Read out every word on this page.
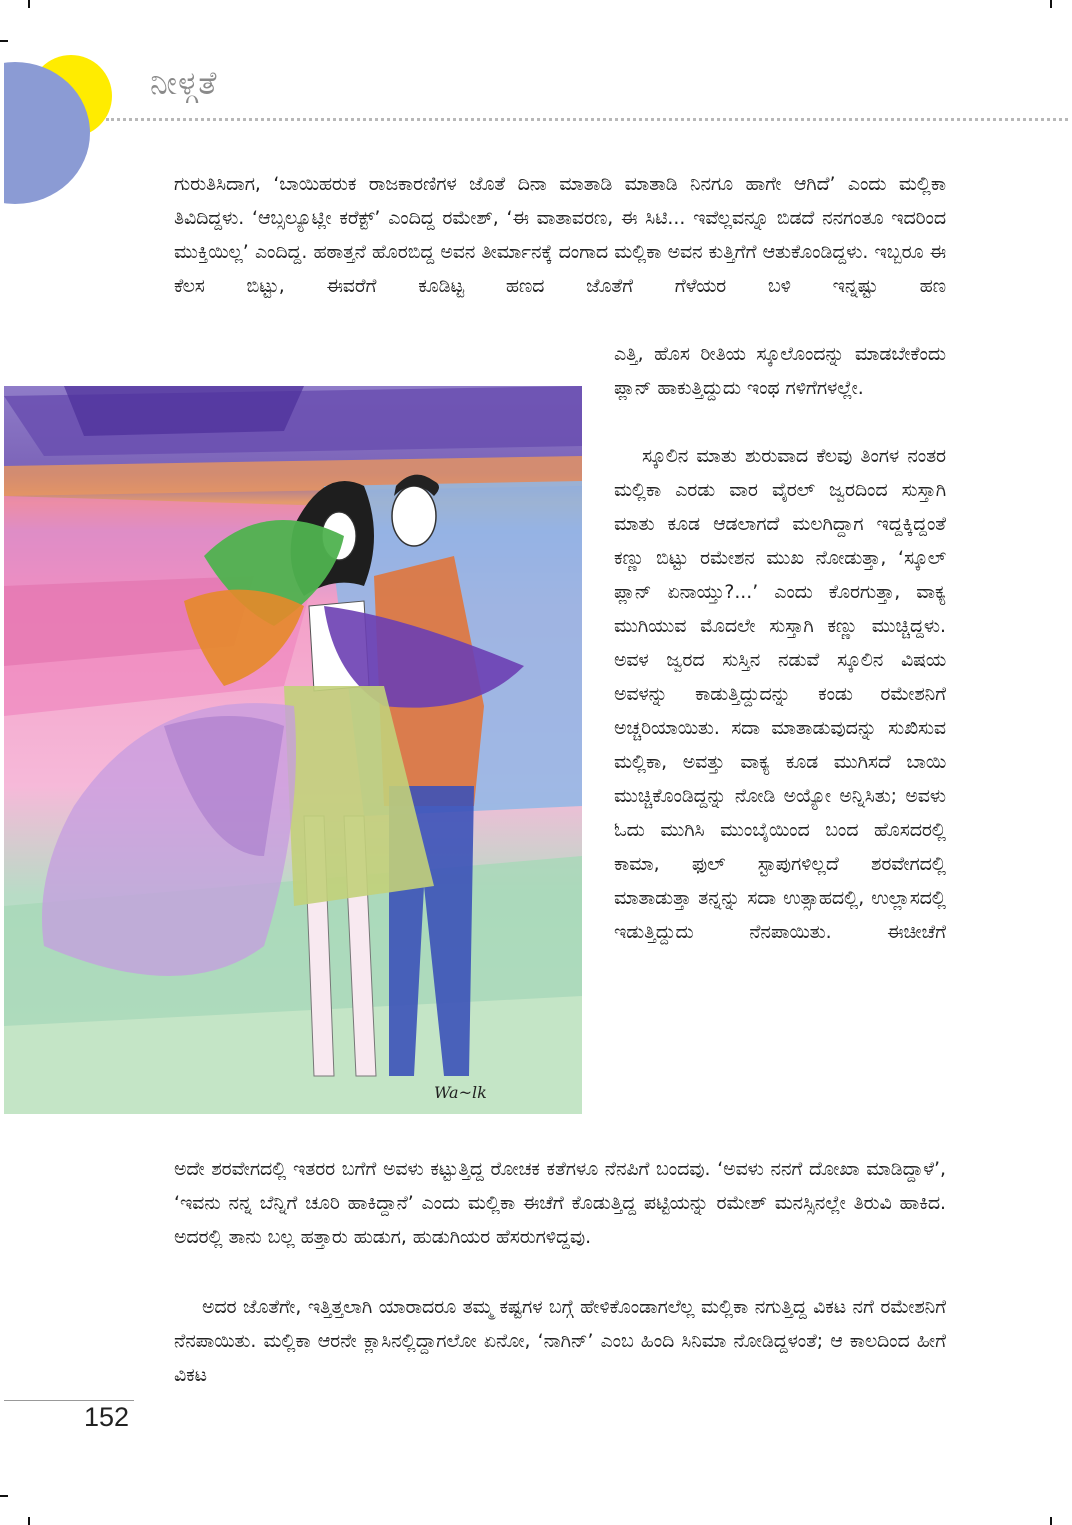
ನೀಳ್ಗತೆ

ಗುರುತಿಸಿದಾಗ, ‘ಬಾಯಿಹರುಕ ರಾಜಕಾರಣಿಗಳ ಜೊತೆ ದಿನಾ ಮಾತಾಡಿ ಮಾತಾಡಿ ನಿನಗೂ ಹಾಗೇ ಆಗಿದೆ’ ಎಂದು ಮಲ್ಲಿಕಾ ತಿವಿದಿದ್ದಳು. ‘ಆಬ್ಸಲ್ಯೂಟ್ಲೀ ಕರೆಕ್ಟ್’ ಎಂದಿದ್ದ ರಮೇಶ್, ‘ಈ ವಾತಾವರಣ, ಈ ಸಿಟಿ... ಇವೆಲ್ಲವನ್ನೂ ಬಿಡದೆ ನನಗಂತೂ ಇದರಿಂದ ಮುಕ್ತಿಯಿಲ್ಲ’ ಎಂದಿದ್ದ. ಹಠಾತ್ತನೆ ಹೊರಬಿದ್ದ ಅವನ ತೀರ್ಮಾನಕ್ಕೆ ದಂಗಾದ ಮಲ್ಲಿಕಾ ಅವನ ಕುತ್ತಿಗೆಗೆ ಆತುಕೊಂಡಿದ್ದಳು. ಇಬ್ಬರೂ ಈ ಕೆಲಸ ಬಿಟ್ಟು, ಈವರೆಗೆ ಕೂಡಿಟ್ಟ ಹಣದ ಜೊತೆಗೆ ಗೆಳೆಯರ ಬಳಿ ಇನ್ನಷ್ಟು ಹಣ

ಎತ್ತಿ, ಹೊಸ ರೀತಿಯ ಸ್ಕೂಲೊಂದನ್ನು ಮಾಡಬೇಕೆಂದು ಪ್ಲಾನ್ ಹಾಕುತ್ತಿದ್ದುದು ಇಂಥ ಗಳಿಗೆಗಳಲ್ಲೇ.

ಸ್ಕೂಲಿನ ಮಾತು ಶುರುವಾದ ಕೆಲವು ತಿಂಗಳ ನಂತರ ಮಲ್ಲಿಕಾ ಎರಡು ವಾರ ವೈರಲ್ ಜ್ವರದಿಂದ ಸುಸ್ತಾಗಿ ಮಾತು ಕೂಡ ಆಡಲಾಗದೆ ಮಲಗಿದ್ದಾಗ ಇದ್ದಕ್ಕಿದ್ದಂತೆ ಕಣ್ಣು ಬಿಟ್ಟು ರಮೇಶನ ಮುಖ ನೋಡುತ್ತಾ, ‘ಸ್ಕೂಲ್ ಪ್ಲಾನ್ ಏನಾಯ್ತು?...’ ಎಂದು ಕೊರಗುತ್ತಾ, ವಾಕ್ಯ ಮುಗಿಯುವ ಮೊದಲೇ ಸುಸ್ತಾಗಿ ಕಣ್ಣು ಮುಚ್ಚಿದ್ದಳು. ಅವಳ ಜ್ವರದ ಸುಸ್ತಿನ ನಡುವೆ ಸ್ಕೂಲಿನ ವಿಷಯ ಅವಳನ್ನು ಕಾಡುತ್ತಿದ್ದುದನ್ನು ಕಂಡು ರಮೇಶನಿಗೆ ಅಚ್ಚರಿಯಾಯಿತು. ಸದಾ ಮಾತಾಡುವುದನ್ನು ಸುಖಿಸುವ ಮಲ್ಲಿಕಾ, ಅವತ್ತು ವಾಕ್ಯ ಕೂಡ ಮುಗಿಸದೆ ಬಾಯಿ ಮುಚ್ಚಿಕೊಂಡಿದ್ದನ್ನು ನೋಡಿ ಅಯ್ಯೋ ಅನ್ನಿಸಿತು; ಅವಳು ಓದು ಮುಗಿಸಿ ಮುಂಬೈಯಿಂದ ಬಂದ ಹೊಸದರಲ್ಲಿ ಕಾಮಾ, ಫುಲ್ ಸ್ಟಾಪುಗಳಿಲ್ಲದೆ ಶರವೇಗದಲ್ಲಿ ಮಾತಾಡುತ್ತಾ ತನ್ನನ್ನು ಸದಾ ಉತ್ಸಾಹದಲ್ಲಿ, ಉಲ್ಲಾಸದಲ್ಲಿ ಇಡುತ್ತಿದ್ದುದು ನೆನಪಾಯಿತು. ಈಚೀಚೆಗೆ

ಅದೇ ಶರವೇಗದಲ್ಲಿ ಇತರರ ಬಗೆಗೆ ಅವಳು ಕಟ್ಟುತ್ತಿದ್ದ ರೋಚಕ ಕತೆಗಳೂ ನೆನಪಿಗೆ ಬಂದವು. ‘ಅವಳು ನನಗೆ ದೋಖಾ ಮಾಡಿದ್ದಾಳೆ’, ‘ಇವನು ನನ್ನ ಬೆನ್ನಿಗೆ ಚೂರಿ ಹಾಕಿದ್ದಾನೆ’ ಎಂದು ಮಲ್ಲಿಕಾ ಈಚೆಗೆ ಕೊಡುತ್ತಿದ್ದ ಪಟ್ಟಿಯನ್ನು ರಮೇಶ್ ಮನಸ್ಸಿನಲ್ಲೇ ತಿರುವಿ ಹಾಕಿದ. ಅದರಲ್ಲಿ ತಾನು ಬಲ್ಲ ಹತ್ತಾರು ಹುಡುಗ, ಹುಡುಗಿಯರ ಹೆಸರುಗಳಿದ್ದವು.

ಅದರ ಜೊತೆಗೇ, ಇತ್ತಿತ್ತಲಾಗಿ ಯಾರಾದರೂ ತಮ್ಮ ಕಷ್ಟಗಳ ಬಗ್ಗೆ ಹೇಳಿಕೊಂಡಾಗಲೆಲ್ಲ ಮಲ್ಲಿಕಾ ನಗುತ್ತಿದ್ದ ವಿಕಟ ನಗೆ ರಮೇಶನಿಗೆ ನೆನಪಾಯಿತು. ಮಲ್ಲಿಕಾ ಆರನೇ ಕ್ಲಾಸಿನಲ್ಲಿದ್ದಾಗಲೋ ಏನೋ, ‘ನಾಗಿನ್’ ಎಂಬ ಹಿಂದಿ ಸಿನಿಮಾ ನೋಡಿದ್ದಳಂತೆ; ಆ ಕಾಲದಿಂದ ಹೀಗೆ ವಿಕಟ

Wa~lk
152
